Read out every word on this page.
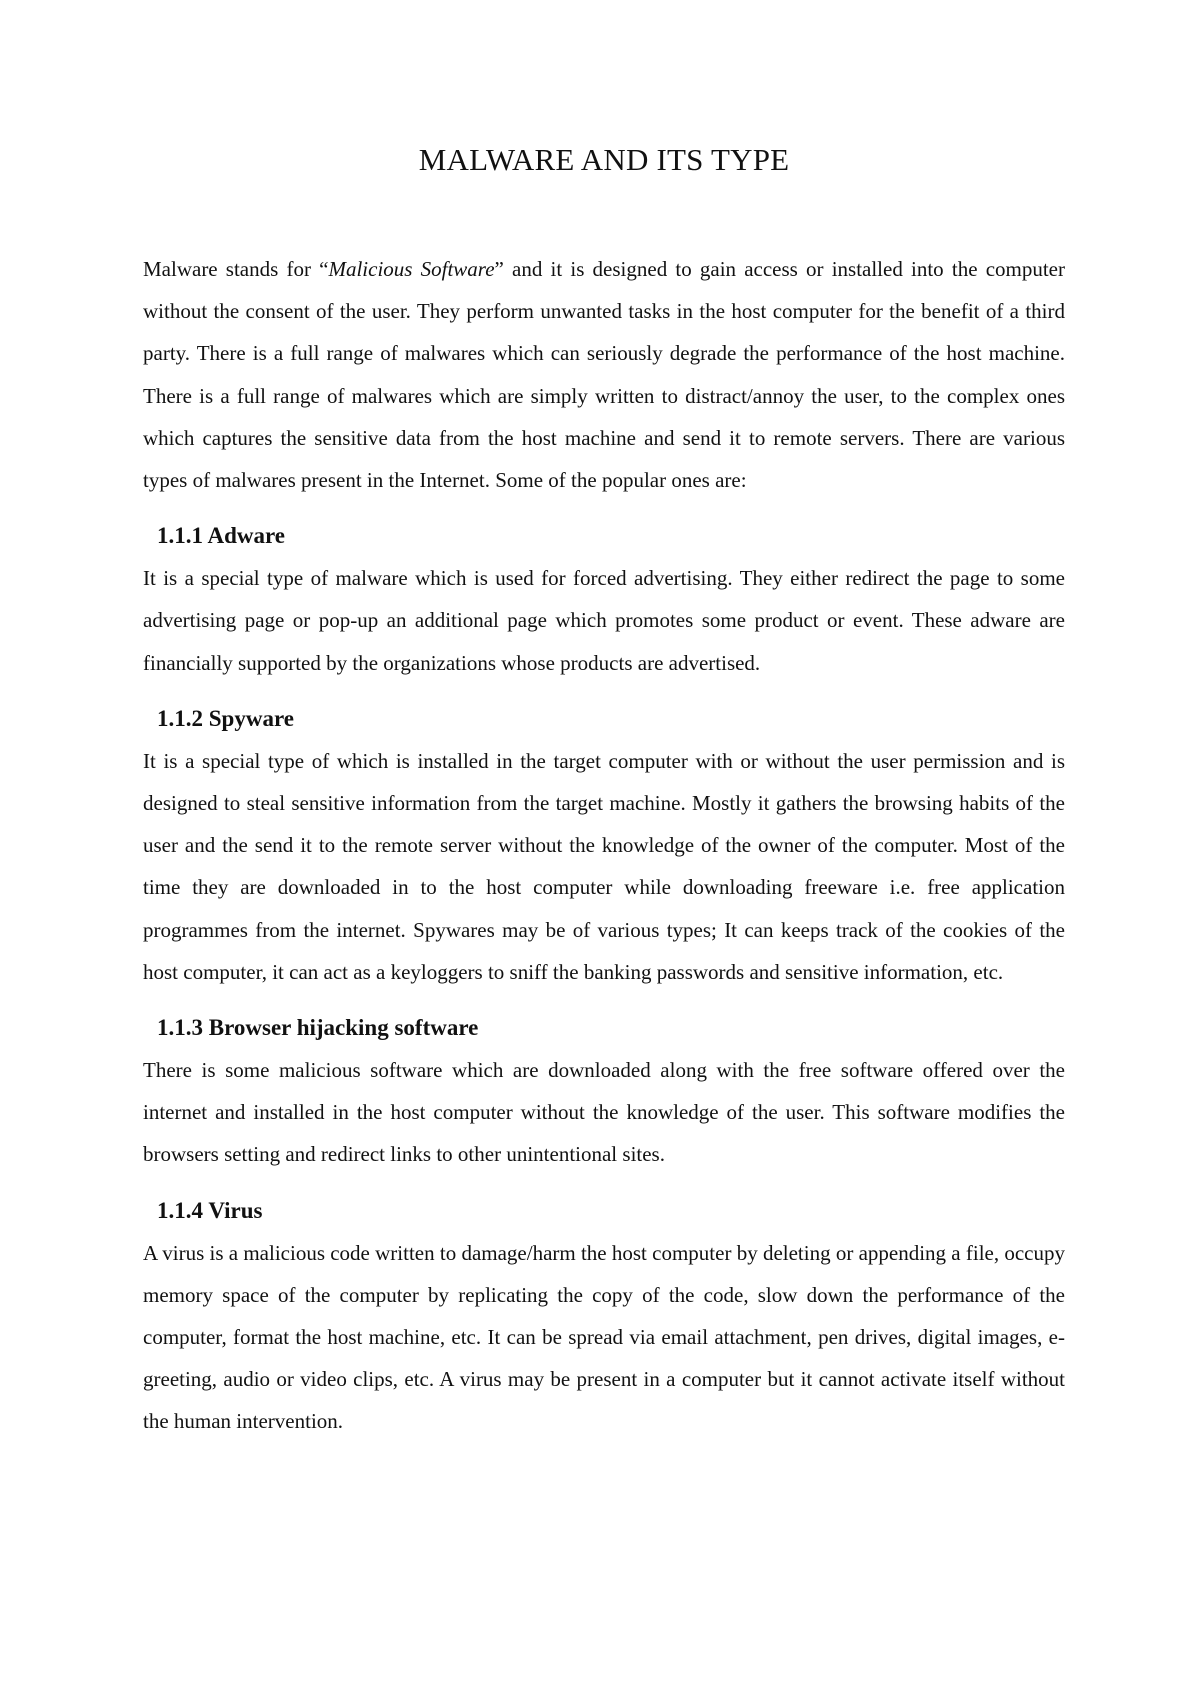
MALWARE AND ITS TYPE

Malware stands for “Malicious Software” and it is designed to gain access or installed into the computer without the consent of the user. They perform unwanted tasks in the host computer for the benefit of a third party. There is a full range of malwares which can seriously degrade the performance of the host machine. There is a full range of malwares which are simply written to distract/annoy the user, to the complex ones which captures the sensitive data from the host machine and send it to remote servers. There are various types of malwares present in the Internet. Some of the popular ones are:

1.1.1 Adware

It is a special type of malware which is used for forced advertising. They either redirect the page to some advertising page or pop-up an additional page which promotes some product or event. These adware are financially supported by the organizations whose products are advertised.

1.1.2 Spyware

It is a special type of which is installed in the target computer with or without the user permission and is designed to steal sensitive information from the target machine. Mostly it gathers the browsing habits of the user and the send it to the remote server without the knowledge of the owner of the computer. Most of the time they are downloaded in to the host computer while downloading freeware i.e. free application programmes from the internet. Spywares may be of various types; It can keeps track of the cookies of the host computer, it can act as a keyloggers to sniff the banking passwords and sensitive information, etc.

1.1.3 Browser hijacking software

There is some malicious software which are downloaded along with the free software offered over the internet and installed in the host computer without the knowledge of the user. This software modifies the browsers setting and redirect links to other unintentional sites.

1.1.4 Virus

A virus is a malicious code written to damage/harm the host computer by deleting or appending a file, occupy memory space of the computer by replicating the copy of the code, slow down the performance of the computer, format the host machine, etc. It can be spread via email attachment, pen drives, digital images, e-greeting, audio or video clips, etc. A virus may be present in a computer but it cannot activate itself without the human intervention.
